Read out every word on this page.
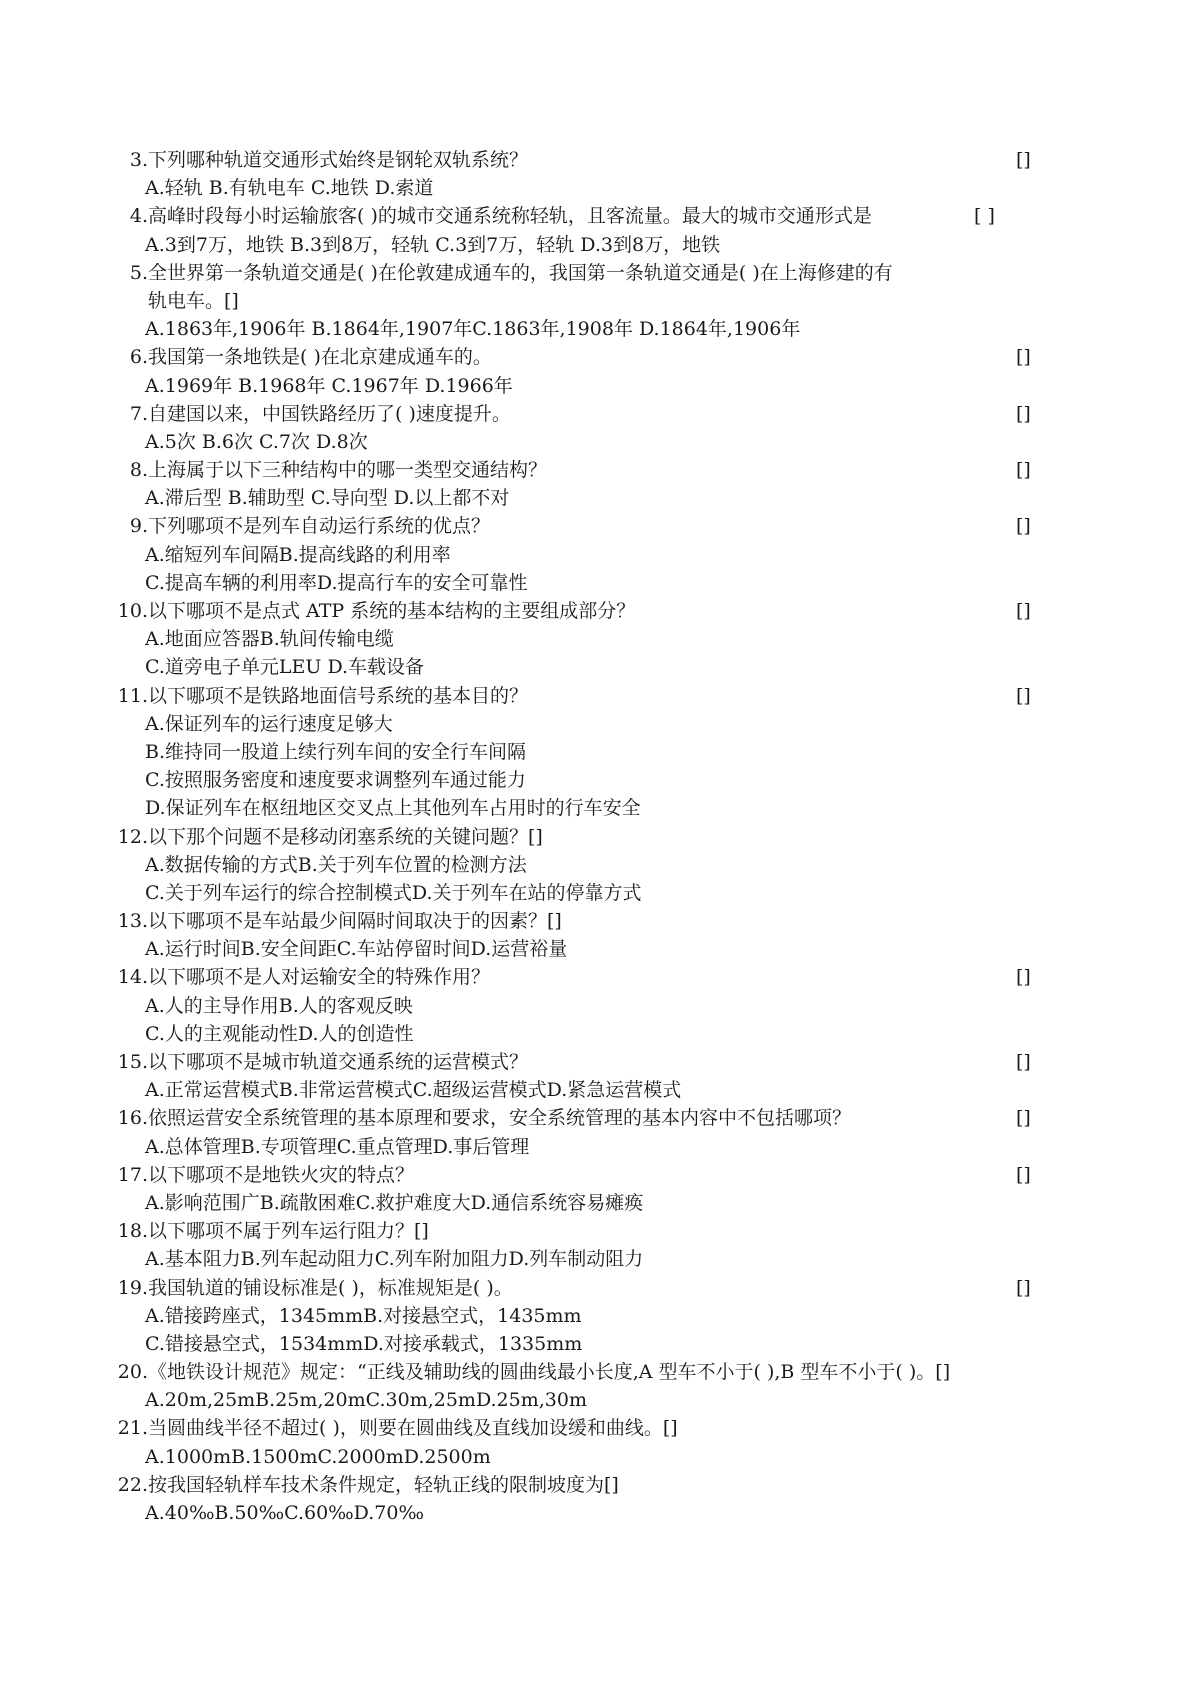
3. 下列哪种轨道交通形式始终是钢轮双轨系统？	[]
A.轻轨 B.有轨电车 C.地铁 D.索道
4. 高峰时段每小时运输旅客( )的城市交通系统称轻轨，且客流量。最大的城市交通形式是	[ ]
A.3到7万，地铁 B.3到8万，轻轨 C.3到7万，轻轨 D.3到8万，地铁
5. 全世界第一条轨道交通是( )在伦敦建成通车的，我国第一条轨道交通是( )在上海修建的有
轨电车。[]
A.1863年,1906年 B.1864年,1907年C.1863年,1908年 D.1864年,1906年
6. 我国第一条地铁是( )在北京建成通车的。	[]
A.1969年 B.1968年 C.1967年 D.1966年
7. 自建国以来，中国铁路经历了( )速度提升。	[]
A.5次 B.6次 C.7次 D.8次
8. 上海属于以下三种结构中的哪一类型交通结构？	[]
A.滞后型 B.辅助型 C.导向型 D.以上都不对
9. 下列哪项不是列车自动运行系统的优点？	[]
A.缩短列车间隔B.提高线路的利用率
C.提高车辆的利用率D.提高行车的安全可靠性
10. 以下哪项不是点式 ATP 系统的基本结构的主要组成部分？	[]
A.地面应答器B.轨间传输电缆
C.道旁电子单元LEU D.车载设备
11. 以下哪项不是铁路地面信号系统的基本目的？	[]
A.保证列车的运行速度足够大
B.维持同一股道上续行列车间的安全行车间隔
C.按照服务密度和速度要求调整列车通过能力
D.保证列车在枢纽地区交叉点上其他列车占用时的行车安全
12. 以下那个问题不是移动闭塞系统的关键问题？[]
A.数据传输的方式B.关于列车位置的检测方法
C.关于列车运行的综合控制模式D.关于列车在站的停靠方式
13. 以下哪项不是车站最少间隔时间取决于的因素？[]
A.运行时间B.安全间距C.车站停留时间D.运营裕量
14. 以下哪项不是人对运输安全的特殊作用？	[]
A.人的主导作用B.人的客观反映
C.人的主观能动性D.人的创造性
15. 以下哪项不是城市轨道交通系统的运营模式？	[]
A.正常运营模式B.非常运营模式C.超级运营模式D.紧急运营模式
16. 依照运营安全系统管理的基本原理和要求，安全系统管理的基本内容中不包括哪项？	[]
A.总体管理B.专项管理C.重点管理D.事后管理
17. 以下哪项不是地铁火灾的特点？	[]
A.影响范围广B.疏散困难C.救护难度大D.通信系统容易瘫痪
18. 以下哪项不属于列车运行阻力？[]
A.基本阻力B.列车起动阻力C.列车附加阻力D.列车制动阻力
19. 我国轨道的铺设标准是( )，标准规矩是( )。	[]
A.错接跨座式，1345mmB.对接悬空式，1435mm
C.错接悬空式，1534mmD.对接承载式，1335mm
20. 《地铁设计规范》规定：“正线及辅助线的圆曲线最小长度,A 型车不小于( ),B 型车不小于( )。[]
A.20m,25mB.25m,20mC.30m,25mD.25m,30m
21. 当圆曲线半径不超过( )，则要在圆曲线及直线加设缓和曲线。[]
A.1000mB.1500mC.2000mD.2500m
22. 按我国轻轨样车技术条件规定，轻轨正线的限制坡度为[]
A.40‰B.50‰C.60‰D.70‰
